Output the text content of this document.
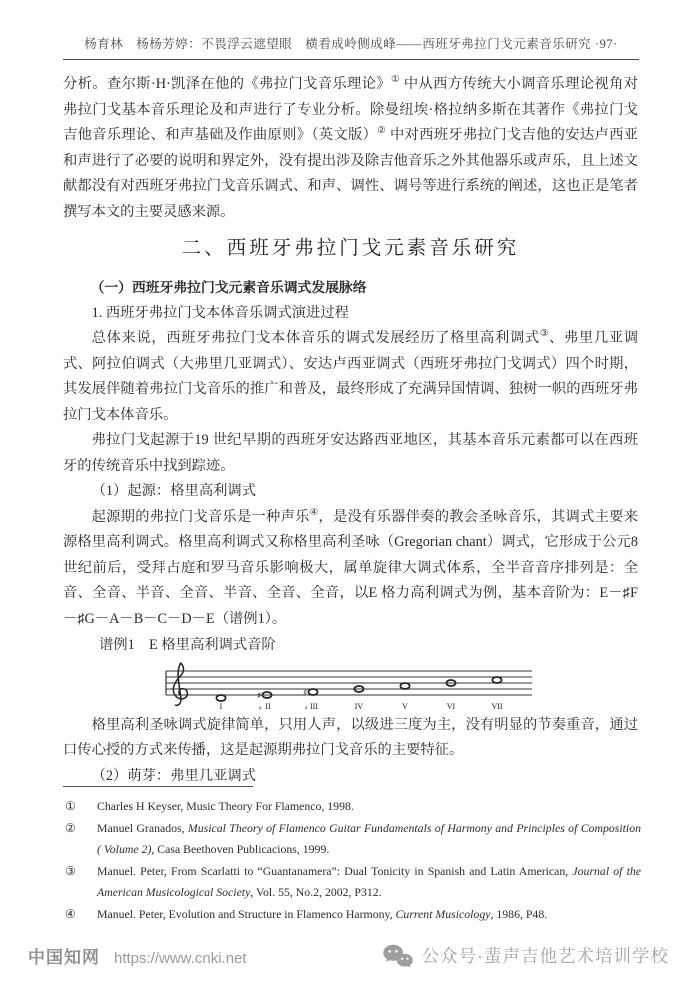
杨育林　杨杨芳婷：不畏浮云遮望眼　横看成岭侧成峰——西班牙弗拉门戈元素音乐研究 ·97·
分析。查尔斯·H·凯泽在他的《弗拉门戈音乐理论》① 中从西方传统大小调音乐理论视角对弗拉门戈基本音乐理论及和声进行了专业分析。除曼纽埃·格拉纳多斯在其著作《弗拉门戈吉他音乐理论、和声基础及作曲原则》（英文版）② 中对西班牙弗拉门戈吉他的安达卢西亚和声进行了必要的说明和界定外，没有提出涉及除吉他音乐之外其他器乐或声乐，且上述文献都没有对西班牙弗拉门戈音乐调式、和声、调性、调号等进行系统的阐述，这也正是笔者撰写本文的主要灵感来源。
二、西班牙弗拉门戈元素音乐研究
（一）西班牙弗拉门戈元素音乐调式发展脉络
1. 西班牙弗拉门戈本体音乐调式演进过程
总体来说，西班牙弗拉门戈本体音乐的调式发展经历了格里高利调式③、弗里几亚调式、阿拉伯调式（大弗里几亚调式）、安达卢西亚调式（西班牙弗拉门戈调式）四个时期，其发展伴随着弗拉门戈音乐的推广和普及，最终形成了充满异国情调、独树一帜的西班牙弗拉门戈本体音乐。
弗拉门戈起源于19 世纪早期的西班牙安达路西亚地区，其基本音乐元素都可以在西班牙的传统音乐中找到踪迹。
（1）起源：格里高利调式
起源期的弗拉门戈音乐是一种声乐④，是没有乐器伴奏的教会圣咏音乐，其调式主要来源格里高利调式。格里高利调式又称格里高利圣咏（Gregorian chant）调式，它形成于公元8 世纪前后，受拜占庭和罗马音乐影响极大，属单旋律大调式体系，全半音音序排列是：全音、全音、半音、全音、半音、全音、全音，以E 格力高利调式为例，基本音阶为：E－♯F－♯G－A－B－C－D－E（谱例1）。
谱例1　E 格里高利调式音阶
♯	♯
I	II	III	IV	V	VI	VII
♯	♯
格里高利圣咏调式旋律简单，只用人声，以级进三度为主，没有明显的节奏重音，通过口传心授的方式来传播，这是起源期弗拉门戈音乐的主要特征。
（2）萌芽：弗里几亚调式
①	Charles H Keyser, Music Theory For Flamenco, 1998.
②	Manuel Granados, Musical Theory of Flamenco Guitar Fundamentals of Harmony and Principles of Composition ( Volume 2), Casa Beethoven Publicacions, 1999.
③	Manuel. Peter, From Scarlatti to “Guantanamera”: Dual Tonicity in Spanish and Latin American, Journal of the American Musicological Society, Vol. 55, No.2, 2002, P312.
④	Manuel. Peter, Evolution and Structure in Flamenco Harmony, Current Musicology, 1986, P48.
中国知网 https://www.cnki.net	公众号·蜚声吉他艺术培训学校
